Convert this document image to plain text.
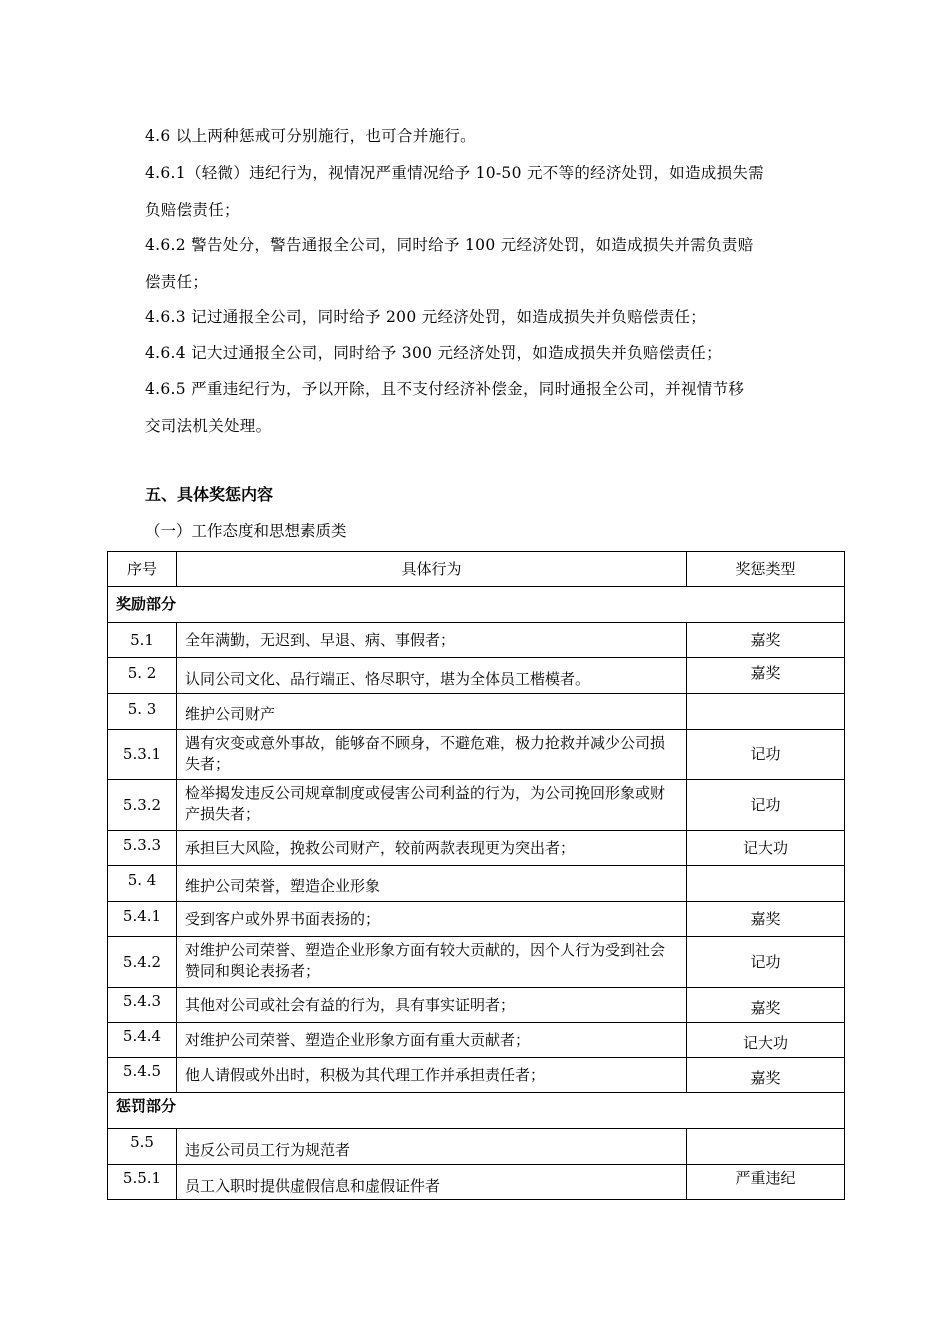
4.6 以上两种惩戒可分别施行，也可合并施行。
4.6.1（轻微）违纪行为，视情况严重情况给予 10-50 元不等的经济处罚，如造成损失需
负赔偿责任；
4.6.2 警告处分，警告通报全公司，同时给予 100 元经济处罚，如造成损失并需负责赔
偿责任；
4.6.3 记过通报全公司，同时给予 200 元经济处罚，如造成损失并负赔偿责任；
4.6.4 记大过通报全公司，同时给予 300 元经济处罚，如造成损失并负赔偿责任；
4.6.5 严重违纪行为，予以开除，且不支付经济补偿金，同时通报全公司，并视情节移
交司法机关处理。
五、具体奖惩内容
（一）工作态度和思想素质类
序号	具体行为	奖惩类型
奖励部分		
5.1	全年满勤，无迟到、早退、病、事假者；	嘉奖
5. 2	认同公司文化、品行端正、恪尽职守，堪为全体员工楷模者。	嘉奖
5. 3	维护公司财产	
5.3.1	遇有灾变或意外事故，能够奋不顾身，不避危难，极力抢救并减少公司损失者；	记功
5.3.2	检举揭发违反公司规章制度或侵害公司利益的行为，为公司挽回形象或财产损失者；	记功
5.3.3	承担巨大风险，挽救公司财产，较前两款表现更为突出者；	记大功
5. 4	维护公司荣誉，塑造企业形象	
5.4.1	受到客户或外界书面表扬的；	嘉奖
5.4.2	对维护公司荣誉、塑造企业形象方面有较大贡献的，因个人行为受到社会赞同和舆论表扬者；	记功
5.4.3	其他对公司或社会有益的行为，具有事实证明者；	嘉奖
5.4.4	对维护公司荣誉、塑造企业形象方面有重大贡献者；	记大功
5.4.5	他人请假或外出时，积极为其代理工作并承担责任者；	嘉奖
惩罚部分		
5.5	违反公司员工行为规范者	
5.5.1	员工入职时提供虚假信息和虚假证件者	严重违纪
